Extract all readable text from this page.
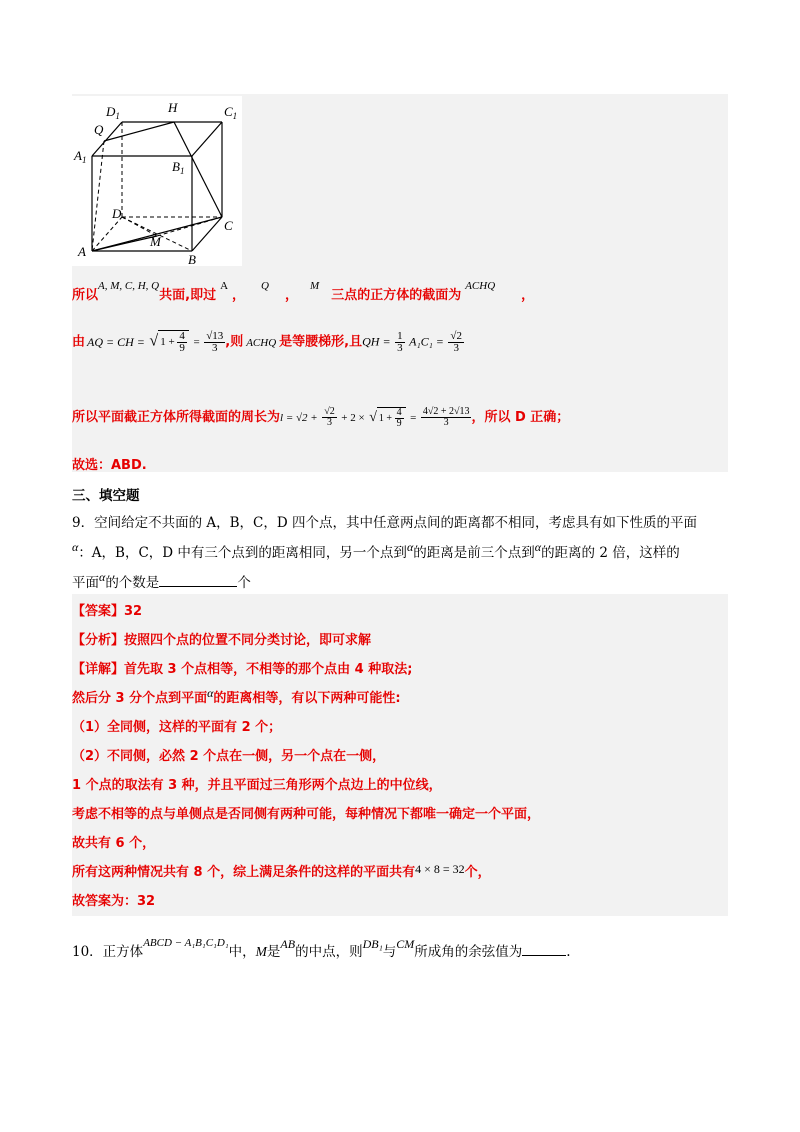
$D_1$
H	$C_1$
Q
$A_1$	$B_1$
D
C
M
A
B
所以$^{A, M, C, H, Q}$共面,即过$^A$，$^Q$，$^M$三点的正方体的截面为$^{ACHQ}$，
由 AQ = CH = √ $1 + \frac{4}{9} = \frac{√13}{3}$ ,则 ACHQ 是等腰梯形,且QH = $\frac{1}{3} A_1C_1 = \frac{√2}{3}$
所以平面截正方体所得截面的周长为$l = √2 + \frac{√2}{3} + 2$ × √ $1 + \frac{4}{9} = \frac{4√2 + 2√13}{3}$ ，所以 D 正确；
故选：ABD.
三、填空题
9．空间给定不共面的 A，B，C，D 四个点，其中任意两点间的距离都不相同，考虑具有如下性质的平面
α：A，B，C，D 中有三个点到的距离相同，另一个点到α的距离是前三个点到α的距离的 2 倍，这样的
平面α的个数是	个
【答案】32
【分析】按照四个点的位置不同分类讨论，即可求解
【详解】首先取 3 个点相等，不相等的那个点由 4 种取法;
然后分 3 分个点到平面α的距离相等，有以下两种可能性:
（1）全同侧，这样的平面有 2 个；
（2）不同侧，必然 2 个点在一侧，另一个点在一侧，
1 个点的取法有 3 种，并且平面过三角形两个点边上的中位线，
考虑不相等的点与单侧点是否同侧有两种可能，每种情况下都唯一确定一个平面，
故共有 6 个，
所有这两种情况共有 8 个，综上满足条件的这样的平面共有4 × 8 = 32个，
故答案为：32
10．正方体$^{ABCD - A_1B_1C_1D_1}$中，M是AB的中点，则DB₁与CM所成角的余弦值为	.
